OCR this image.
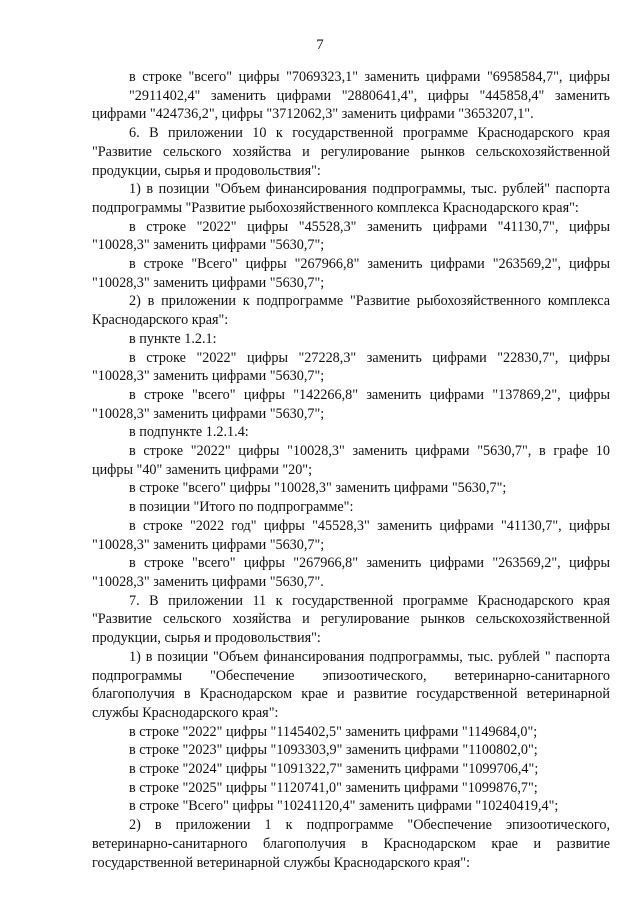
7

в строке "всего" цифры "7069323,1" заменить цифрами "6958584,7", цифры

"2911402,4" заменить цифрами "2880641,4", цифры "445858,4" заменить цифрами "424736,2", цифры "3712062,3" заменить цифрами "3653207,1".

6. В приложении 10 к государственной программе Краснодарского края "Развитие сельского хозяйства и регулирование рынков сельскохозяйственной продукции, сырья и продовольствия":

1) в позиции "Объем финансирования подпрограммы, тыс. рублей" паспорта подпрограммы "Развитие рыбохозяйственного комплекса Краснодарского края":

в строке "2022" цифры "45528,3" заменить цифрами "41130,7", цифры "10028,3" заменить цифрами "5630,7";

в строке "Всего" цифры "267966,8" заменить цифрами "263569,2", цифры "10028,3" заменить цифрами "5630,7";

2) в приложении к подпрограмме "Развитие рыбохозяйственного комплекса Краснодарского края":

в пункте 1.2.1:

в строке "2022" цифры "27228,3" заменить цифрами "22830,7", цифры "10028,3" заменить цифрами "5630,7";

в строке "всего" цифры "142266,8" заменить цифрами "137869,2", цифры "10028,3" заменить цифрами "5630,7";

в подпункте 1.2.1.4:

в строке "2022" цифры "10028,3" заменить цифрами "5630,7", в графе 10 цифры "40" заменить цифрами "20";

в строке "всего" цифры "10028,3" заменить цифрами "5630,7";

в позиции "Итого по подпрограмме":

в строке "2022 год" цифры "45528,3" заменить цифрами "41130,7", цифры "10028,3" заменить цифрами "5630,7";

в строке "всего" цифры "267966,8" заменить цифрами "263569,2", цифры "10028,3" заменить цифрами "5630,7".

7. В приложении 11 к государственной программе Краснодарского края "Развитие сельского хозяйства и регулирование рынков сельскохозяйственной продукции, сырья и продовольствия":

1) в позиции "Объем финансирования подпрограммы, тыс. рублей " паспорта подпрограммы "Обеспечение эпизоотического, ветеринарно-санитарного благополучия в Краснодарском крае и развитие государственной ветеринарной службы Краснодарского края":

в строке "2022" цифры "1145402,5" заменить цифрами "1149684,0";

в строке "2023" цифры "1093303,9" заменить цифрами "1100802,0";

в строке "2024" цифры "1091322,7" заменить цифрами "1099706,4";

в строке "2025" цифры "1120741,0" заменить цифрами "1099876,7";

в строке "Всего" цифры "10241120,4" заменить цифрами "10240419,4";

2) в приложении 1 к подпрограмме "Обеспечение эпизоотического, ветеринарно-санитарного благополучия в Краснодарском крае и развитие государственной ветеринарной службы Краснодарского края":
